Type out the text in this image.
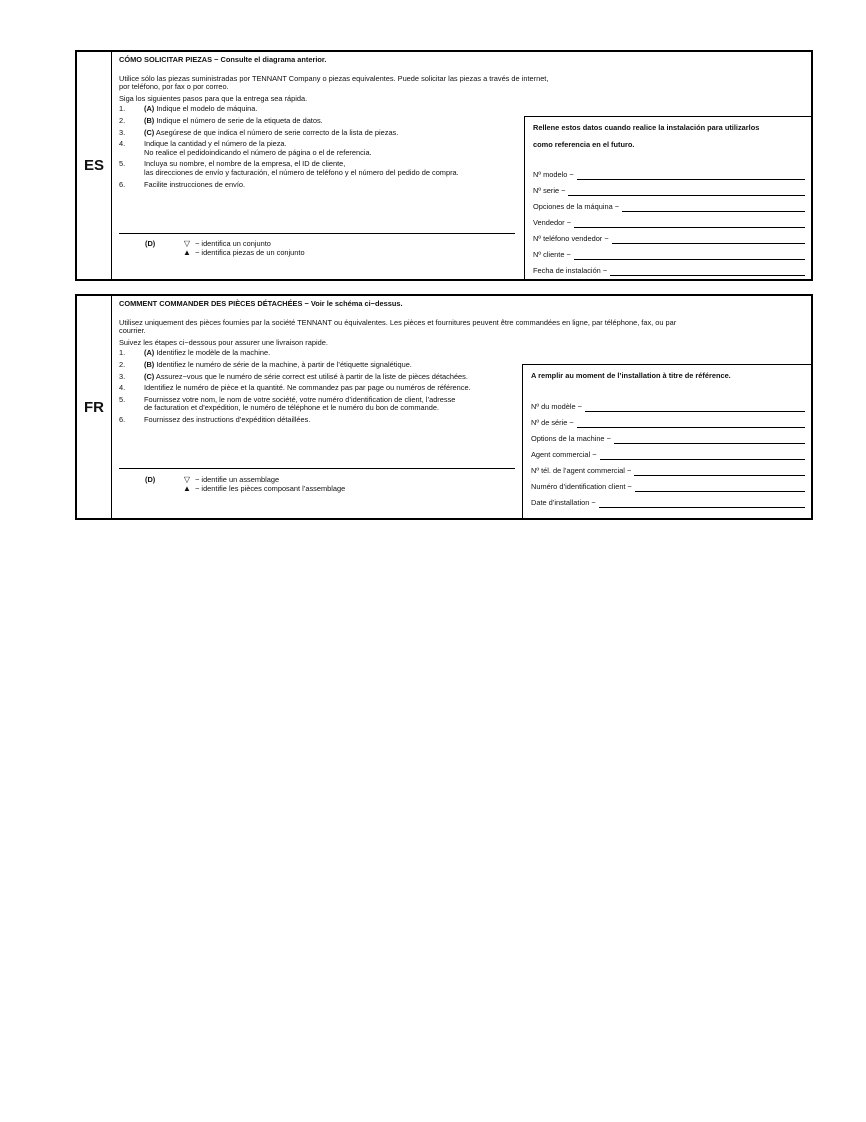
ES
CÓMO SOLICITAR PIEZAS − Consulte el diagrama anterior.
Utilice sólo las piezas suministradas por TENNANT Company o piezas equivalentes. Puede solicitar las piezas a través de internet,
por teléfono, por fax o por correo.
Siga los siguientes pasos para que la entrega sea rápida.
1.	(A) Indique el modelo de máquina.
2.	(B) Indique el número de serie de la etiqueta de datos.
3.	(C) Asegúrese de que indica el número de serie correcto de la lista de piezas.
4.	Indique la cantidad y el número de la pieza.
No realice el pedidoindicando el número de página o el de referencia.
5.	Incluya su nombre, el nombre de la empresa, el ID de cliente,
las direcciones de envío y facturación, el número de teléfono y el número del pedido de compra.
6.	Facilite instrucciones de envío.
(D)	▽ − identifica un conjunto
▲ − identifica piezas de un conjunto
Rellene estos datos cuando realice la instalación para utilizarlos
como referencia en el futuro.
Nº modelo −
Nº serie −
Opciones de la máquina −
Vendedor −
Nº teléfono vendedor −
Nº cliente −
Fecha de instalación −
FR
COMMENT COMMANDER DES PIÈCES DÉTACHÉES − Voir le schéma ci−dessus.
Utilisez uniquement des pièces fournies par la société TENNANT ou équivalentes. Les pièces et fournitures peuvent être commandées en ligne, par téléphone, fax, ou par
courrier.
Suivez les étapes ci−dessous pour assurer une livraison rapide.
1.	(A) Identifiez le modèle de la machine.
2.	(B) Identifiez le numéro de série de la machine, à partir de l’étiquette signalétique.
3.	(C) Assurez−vous que le numéro de série correct est utilisé à partir de la liste de pièces détachées.
4.	Identifiez le numéro de pièce et la quantité. Ne commandez pas par page ou numéros de référence.
5.	Fournissez votre nom, le nom de votre société, votre numéro d’identification de client, l’adresse
de facturation et d’expédition, le numéro de téléphone et le numéro du bon de commande.
6.	Fournissez des instructions d’expédition détaillées.
(D)	▽ − identifie un assemblage
▲ − identifie les pièces composant l’assemblage
A remplir au moment de l’installation à titre de référence.
Nº du modèle −
Nº de série −
Options de la machine −
Agent commercial −
Nº tél. de l’agent commercial −
Numéro d’identification client −
Date d’installation −
